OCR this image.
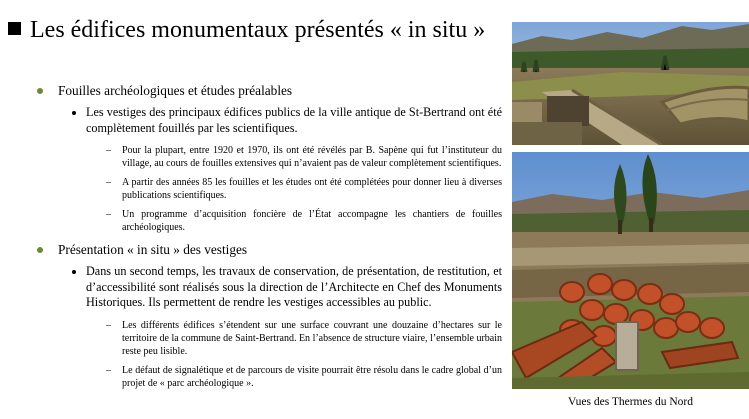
Les édifices monumentaux présentés « in situ »
Fouilles archéologiques et études préalables
Les vestiges des principaux édifices publics de la ville antique de St-Bertrand ont été complètement fouillés par les scientifiques.
– Pour la plupart, entre 1920 et 1970, ils ont été révélés par B. Sapène qui fut l’instituteur du village, au cours de fouilles extensives qui n’avaient pas de valeur complètement scientifiques.
– A partir des années 85 les fouilles et les études ont été complétées pour donner lieu à diverses publications scientifiques.
– Un programme d’acquisition foncière de l’État accompagne les chantiers de fouilles archéologiques.
Présentation « in situ » des vestiges
Dans un second temps, les travaux de conservation, de présentation, de restitution, et d’accessibilité sont réalisés sous la direction de l’Architecte en Chef des Monuments Historiques. Ils permettent de rendre les vestiges accessibles au public.
– Les différents édifices s’étendent sur une surface couvrant une douzaine d’hectares sur le territoire de la commune de Saint-Bertrand. En l’absence de structure viaire, l’ensemble urbain reste peu lisible.
– Le défaut de signalétique et de parcours de visite pourrait être résolu dans le cadre global d’un projet de « parc archéologique ».
Vues des Thermes du Nord
